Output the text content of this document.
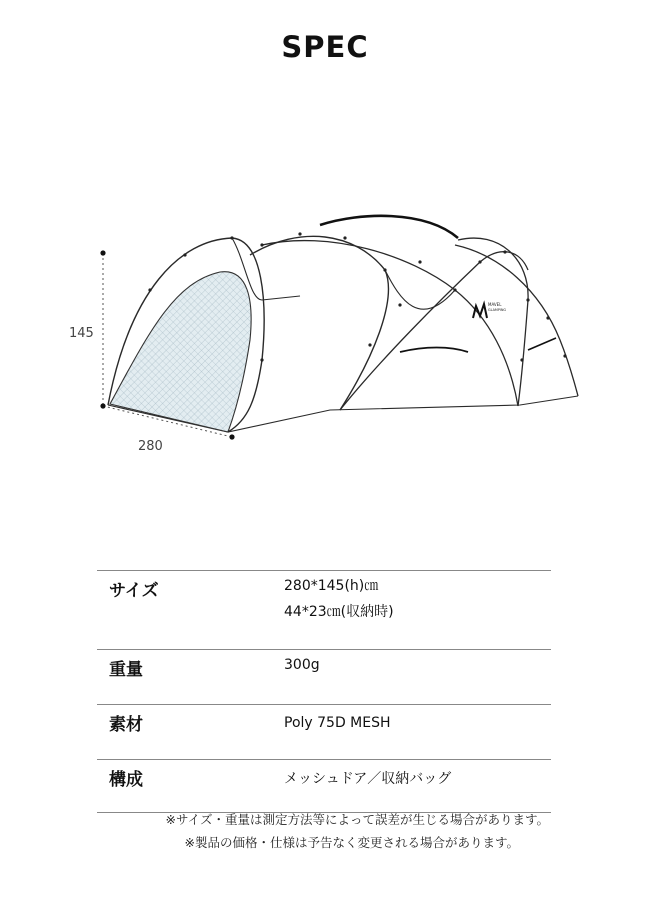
SPEC
MAVEL
GLAMPING
145
280
サイズ	280*145(h)㎝
44*23㎝(収納時)
重量	300g
素材	Poly 75D MESH
構成	メッシュドア／収納バッグ
※サイズ・重量は測定方法等によって誤差が生じる場合があります。
※製品の価格・仕様は予告なく変更される場合があります。
